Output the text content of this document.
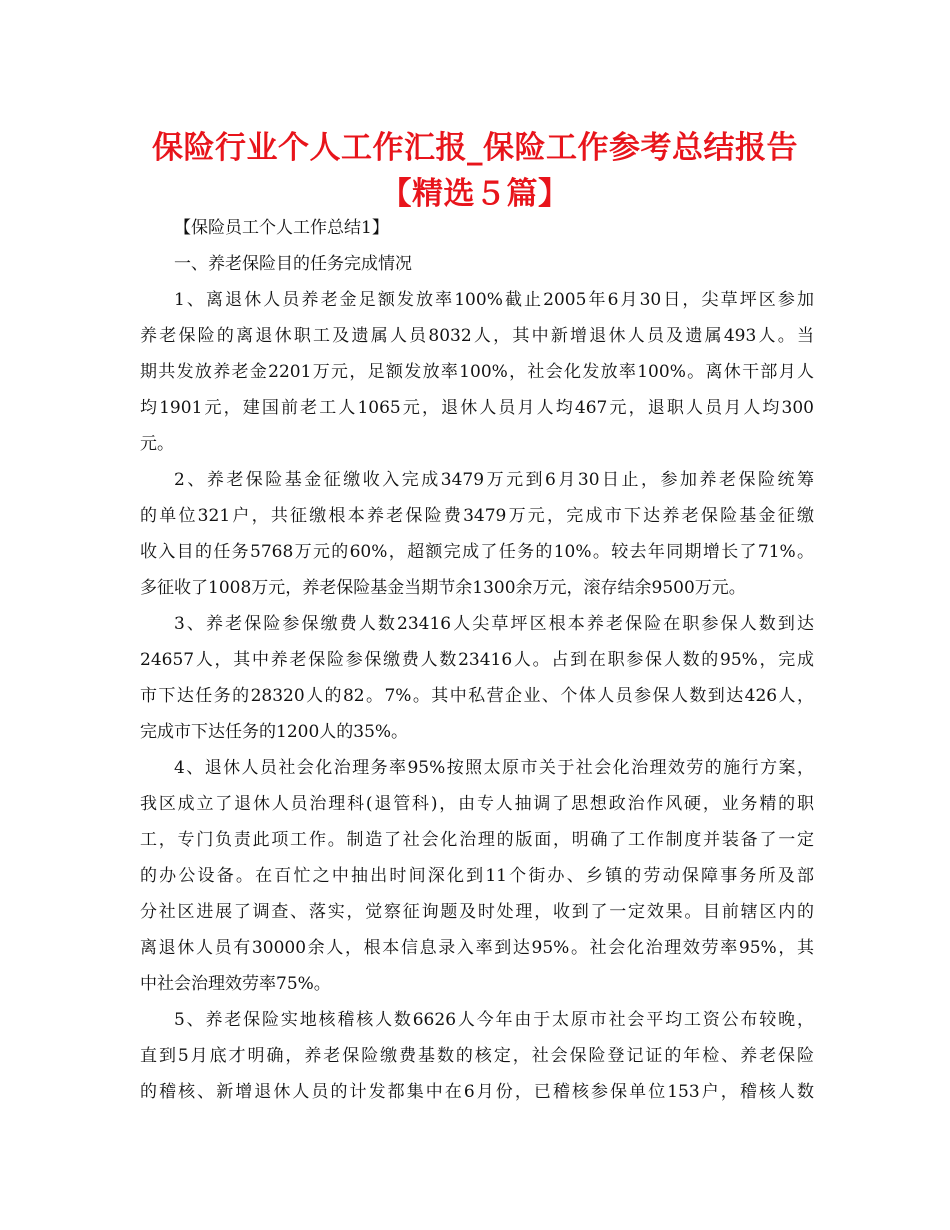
保险行业个人工作汇报_保险工作参考总结报告
【精选５篇】
【保险员工个人工作总结1】
一、养老保险目的任务完成情况
1、离退休人员养老金足额发放率100%截止2005年6月30日，尖草坪区参加
养老保险的离退休职工及遗属人员8032人，其中新增退休人员及遗属493人。当
期共发放养老金2201万元，足额发放率100%，社会化发放率100%。离休干部月人
均1901元，建国前老工人1065元，退休人员月人均467元，退职人员月人均300
元。
2、养老保险基金征缴收入完成3479万元到6月30日止，参加养老保险统筹
的单位321户，共征缴根本养老保险费3479万元，完成市下达养老保险基金征缴
收入目的任务5768万元的60%，超额完成了任务的10%。较去年同期增长了71%。
多征收了1008万元，养老保险基金当期节余1300余万元，滚存结余9500万元。
3、养老保险参保缴费人数23416人尖草坪区根本养老保险在职参保人数到达
24657人，其中养老保险参保缴费人数23416人。占到在职参保人数的95%，完成
市下达任务的28320人的82。7%。其中私营企业、个体人员参保人数到达426人，
完成市下达任务的1200人的35%。
4、退休人员社会化治理务率95%按照太原市关于社会化治理效劳的施行方案，
我区成立了退休人员治理科(退管科)，由专人抽调了思想政治作风硬，业务精的职
工，专门负责此项工作。制造了社会化治理的版面，明确了工作制度并装备了一定
的办公设备。在百忙之中抽出时间深化到11个街办、乡镇的劳动保障事务所及部
分社区进展了调查、落实，觉察征询题及时处理，收到了一定效果。目前辖区内的
离退休人员有30000余人，根本信息录入率到达95%。社会化治理效劳率95%，其
中社会治理效劳率75%。
5、养老保险实地核稽核人数6626人今年由于太原市社会平均工资公布较晚，
直到5月底才明确，养老保险缴费基数的核定，社会保险登记证的年检、养老保险
的稽核、新增退休人员的计发都集中在6月份，已稽核参保单位153户，稽核人数
